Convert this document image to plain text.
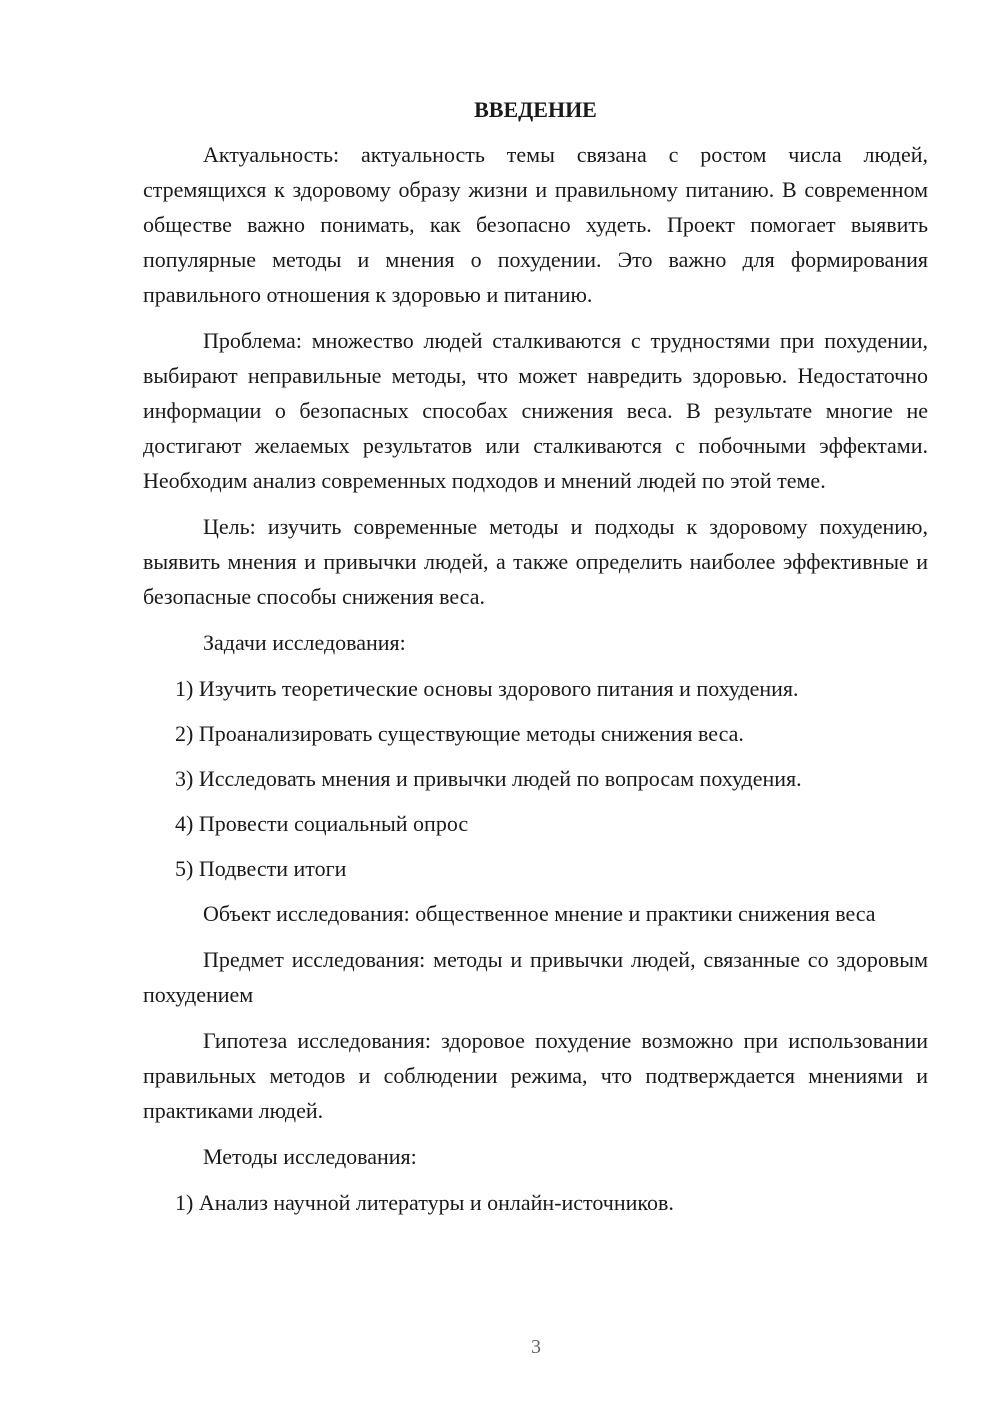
ВВЕДЕНИЕ

Актуальность: актуальность темы связана с ростом числа людей, стремящихся к здоровому образу жизни и правильному питанию. В современном обществе важно понимать, как безопасно худеть. Проект помогает выявить популярные методы и мнения о похудении. Это важно для формирования правильного отношения к здоровью и питанию.

Проблема: множество людей сталкиваются с трудностями при похудении, выбирают неправильные методы, что может навредить здоровью. Недостаточно информации о безопасных способах снижения веса. В результате многие не достигают желаемых результатов или сталкиваются с побочными эффектами. Необходим анализ современных подходов и мнений людей по этой теме.

Цель: изучить современные методы и подходы к здоровому похудению, выявить мнения и привычки людей, а также определить наиболее эффективные и безопасные способы снижения веса.

Задачи исследования:

1) Изучить теоретические основы здорового питания и похудения.

2) Проанализировать существующие методы снижения веса.

3) Исследовать мнения и привычки людей по вопросам похудения.

4) Провести социальный опрос

5) Подвести итоги

Объект исследования: общественное мнение и практики снижения веса

Предмет исследования: методы и привычки людей, связанные со здоровым похудением

Гипотеза исследования: здоровое похудение возможно при использовании правильных методов и соблюдении режима, что подтверждается мнениями и практиками людей.

Методы исследования:

1) Анализ научной литературы и онлайн-источников.

3
